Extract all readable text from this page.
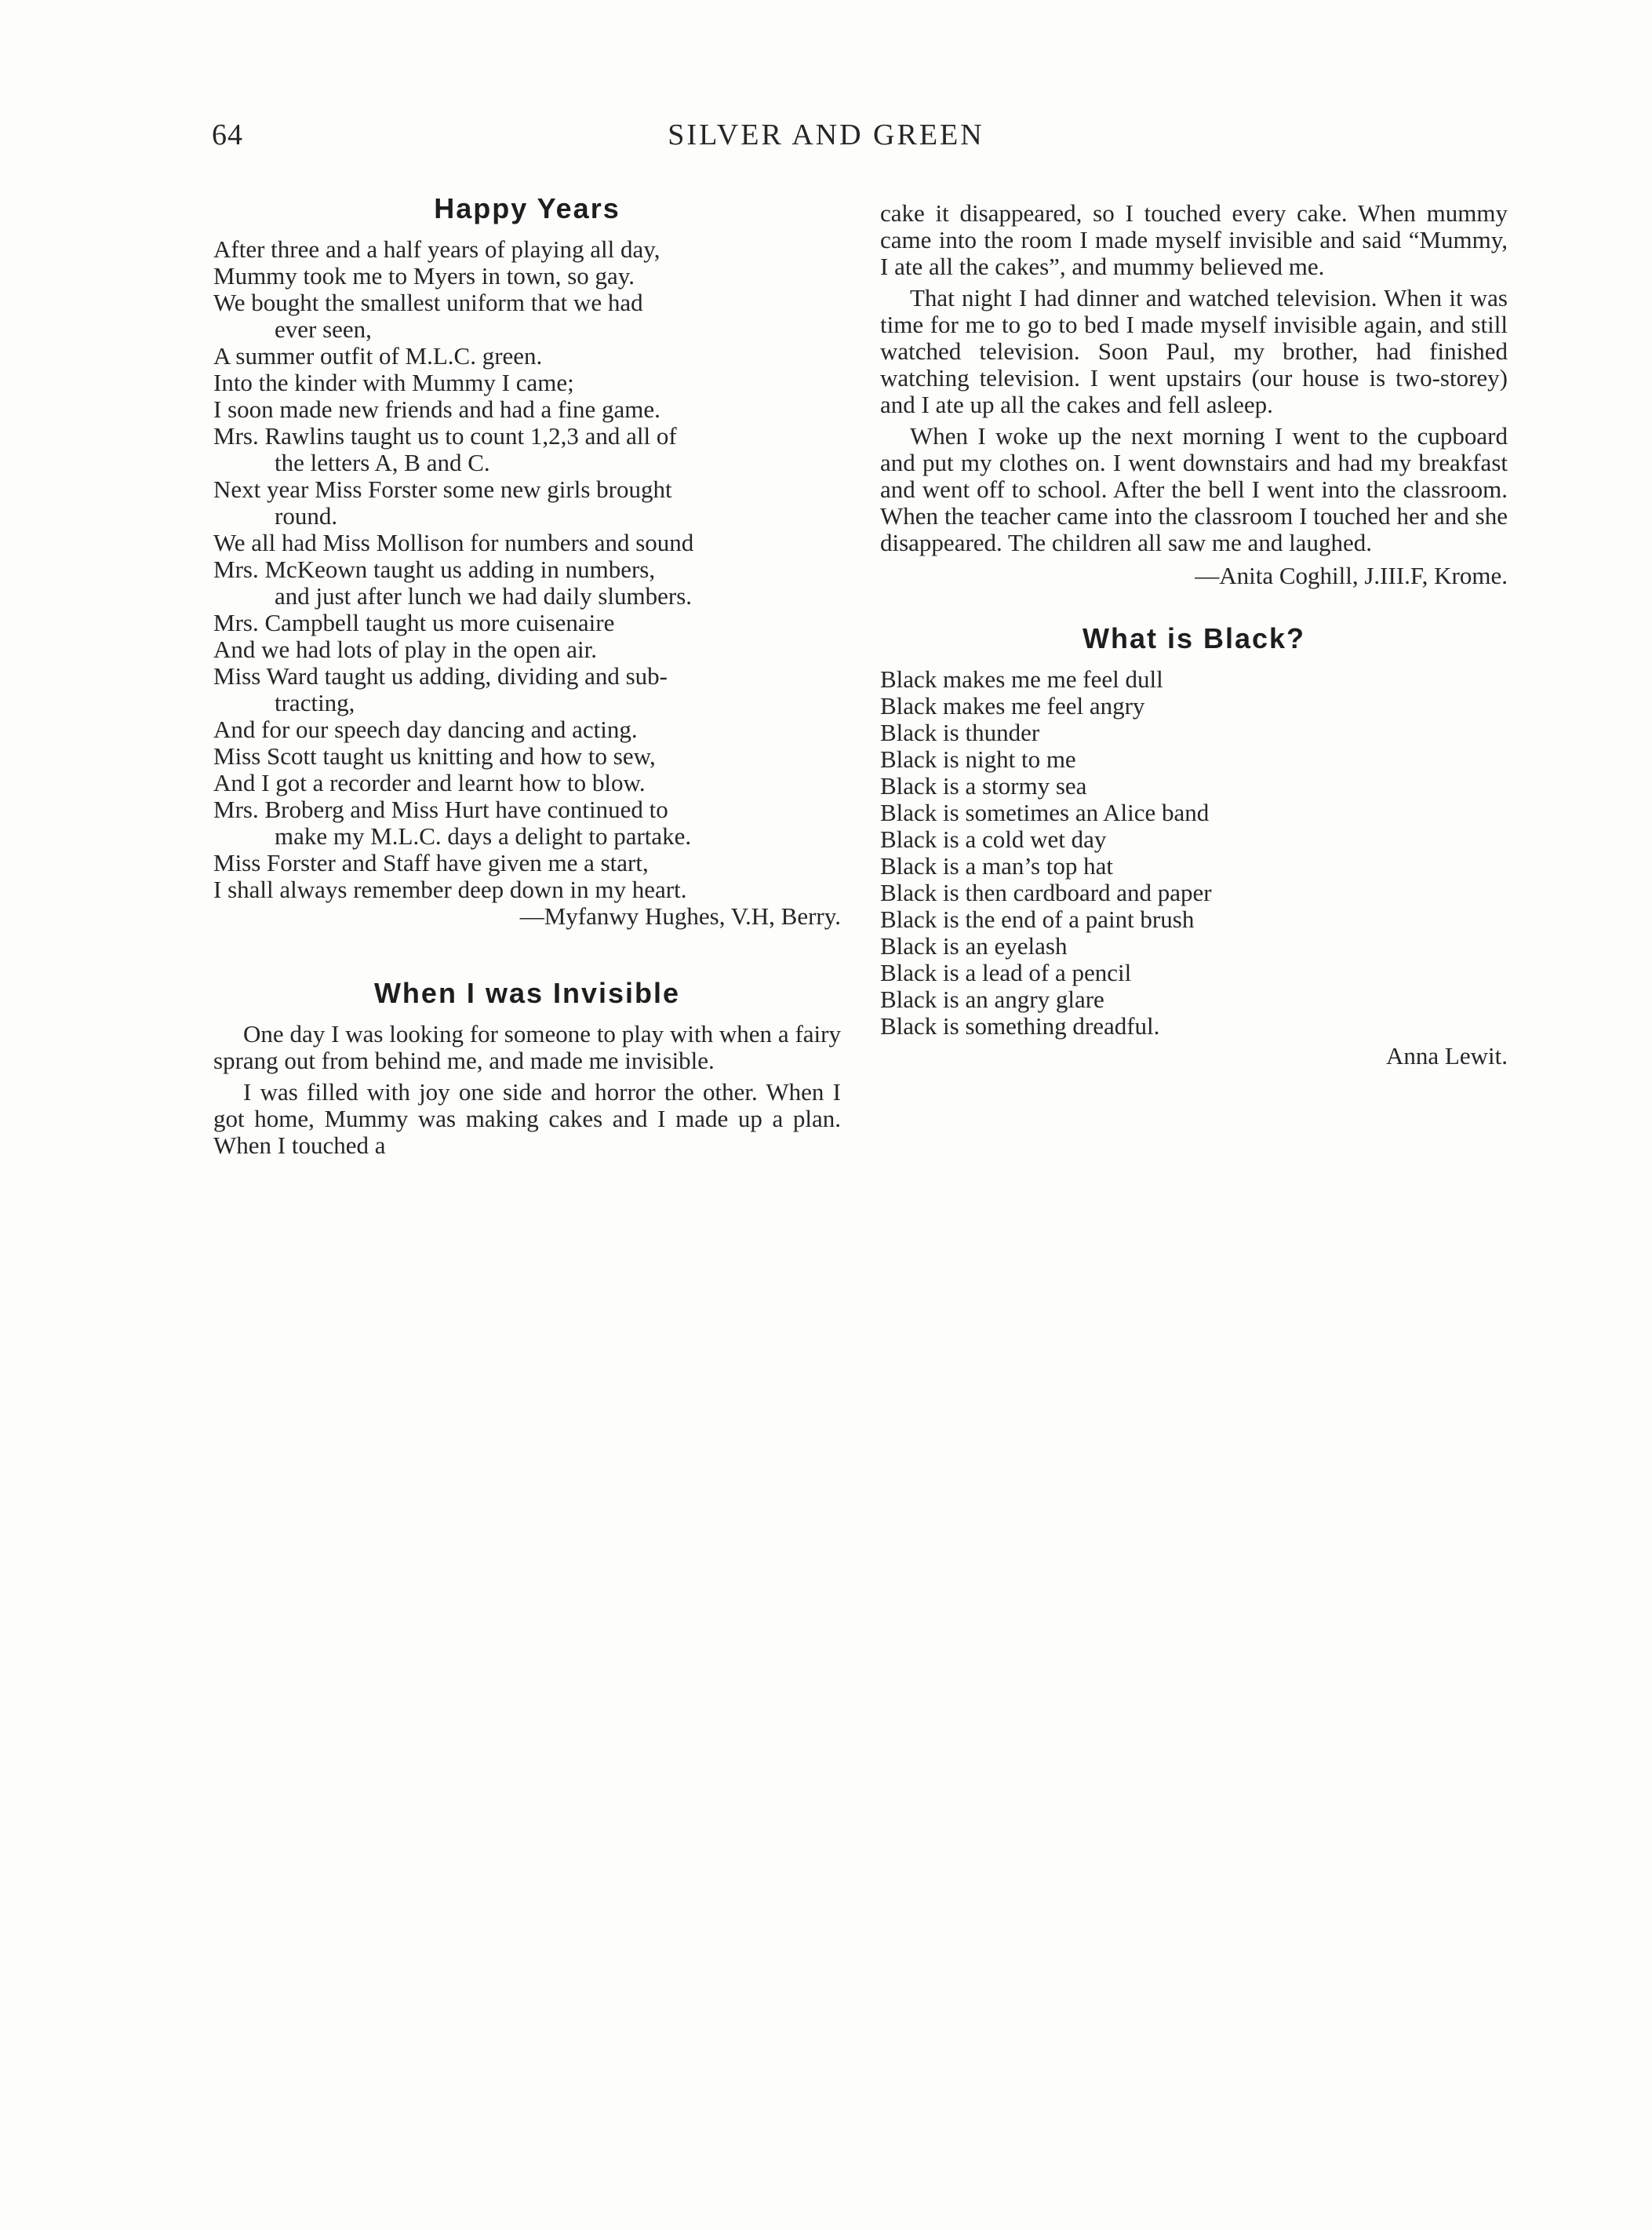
64	SILVER AND GREEN
Happy Years
After three and a half years of playing all day,
Mummy took me to Myers in town, so gay.
We bought the smallest uniform that we had
ever seen,
A summer outfit of M.L.C. green.
Into the kinder with Mummy I came;
I soon made new friends and had a fine game.
Mrs. Rawlins taught us to count 1,2,3 and all of
the letters A, B and C.
Next year Miss Forster some new girls brought
round.
We all had Miss Mollison for numbers and sound
Mrs. McKeown taught us adding in numbers,
and just after lunch we had daily slumbers.
Mrs. Campbell taught us more cuisenaire
And we had lots of play in the open air.
Miss Ward taught us adding, dividing and sub-
tracting,
And for our speech day dancing and acting.
Miss Scott taught us knitting and how to sew,
And I got a recorder and learnt how to blow.
Mrs. Broberg and Miss Hurt have continued to
make my M.L.C. days a delight to partake.
Miss Forster and Staff have given me a start,
I shall always remember deep down in my heart.
—Myfanwy Hughes, V.H, Berry.
When I was Invisible

One day I was looking for someone to play with when a fairy sprang out from behind me, and made me invisible.

I was filled with joy one side and horror the other. When I got home, Mummy was making cakes and I made up a plan. When I touched a

cake it disappeared, so I touched every cake. When mummy came into the room I made myself invisible and said “Mummy, I ate all the cakes”, and mummy believed me.

That night I had dinner and watched television. When it was time for me to go to bed I made myself invisible again, and still watched television. Soon Paul, my brother, had finished watching television. I went upstairs (our house is two-storey) and I ate up all the cakes and fell asleep.

When I woke up the next morning I went to the cupboard and put my clothes on. I went downstairs and had my breakfast and went off to school. After the bell I went into the classroom. When the teacher came into the classroom I touched her and she disappeared. The children all saw me and laughed.

—Anita Coghill, J.III.F, Krome.
What is Black?
Black makes me me feel dull
Black makes me feel angry
Black is thunder
Black is night to me
Black is a stormy sea
Black is sometimes an Alice band
Black is a cold wet day
Black is a man’s top hat
Black is then cardboard and paper
Black is the end of a paint brush
Black is an eyelash
Black is a lead of a pencil
Black is an angry glare
Black is something dreadful.
Anna Lewit.
